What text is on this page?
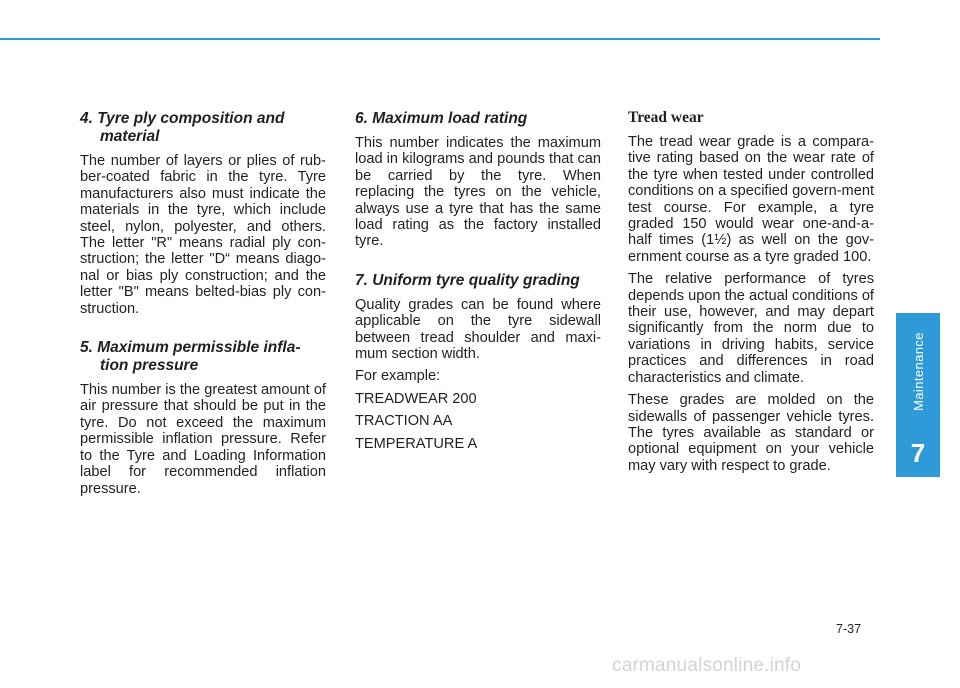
4. Tyre ply composition and material

The number of layers or plies of rub-ber-coated fabric in the tyre. Tyre manufacturers also must indicate the materials in the tyre, which include steel, nylon, polyester, and others. The letter "R" means radial ply con-struction; the letter "D“ means diago-nal or bias ply construction; and the letter "B" means belted-bias ply con-struction.

5. Maximum permissible infla-tion pressure

This number is the greatest amount of air pressure that should be put in the tyre. Do not exceed the maximum permissible inflation pressure. Refer to the Tyre and Loading Information label for recommended inflation pressure.

6. Maximum load rating

This number indicates the maximum load in kilograms and pounds that can be carried by the tyre. When replacing the tyres on the vehicle, always use a tyre that has the same load rating as the factory installed tyre.

7. Uniform tyre quality grading

Quality grades can be found where applicable on the tyre sidewall between tread shoulder and maxi-mum section width.

For example:

TREADWEAR 200

TRACTION AA

TEMPERATURE A

Tread wear

The tread wear grade is a compara-tive rating based on the wear rate of the tyre when tested under controlled conditions on a specified govern-ment test course. For example, a tyre graded 150 would wear one-and-a-half times (1½) as well on the gov-ernment course as a tyre graded 100.

The relative performance of tyres depends upon the actual conditions of their use, however, and may depart significantly from the norm due to variations in driving habits, service practices and differences in road characteristics and climate.

These grades are molded on the sidewalls of passenger vehicle tyres. The tyres available as standard or optional equipment on your vehicle may vary with respect to grade.

Maintenance
7
7-37
carmanualsonline.info
